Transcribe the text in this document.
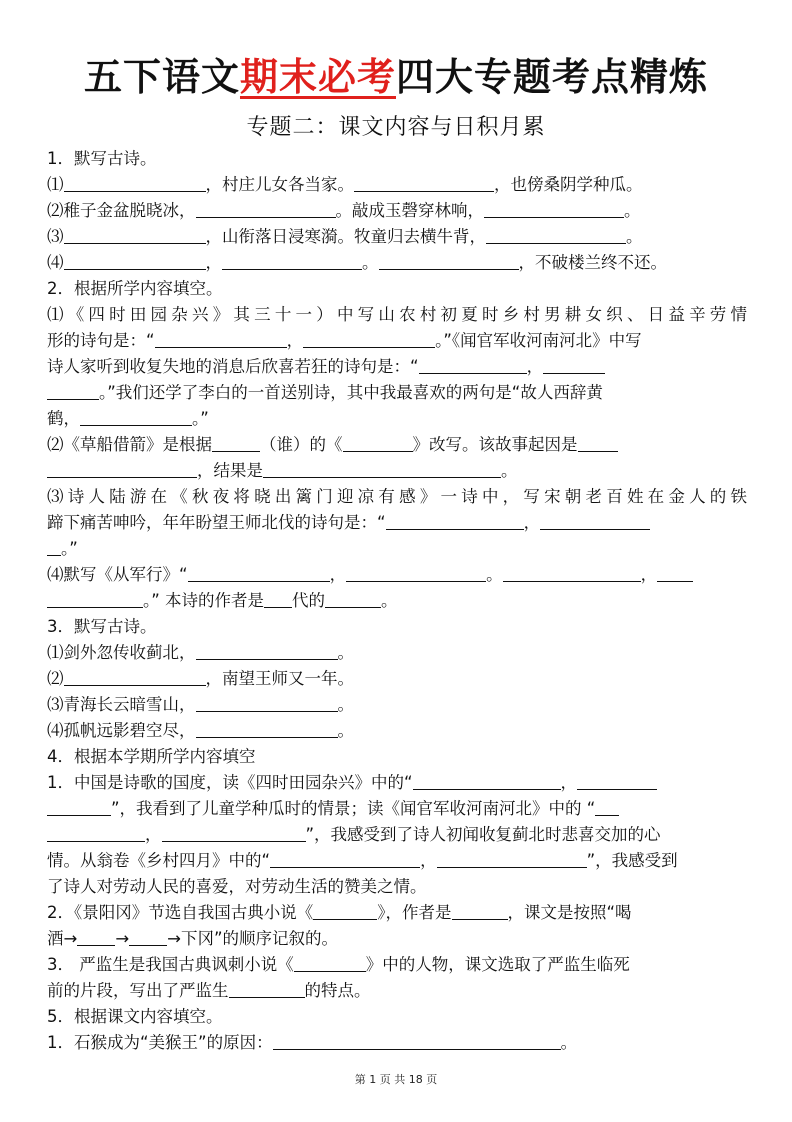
五下语文期末必考四大专题考点精炼
专题二：课文内容与日积月累
1．默写古诗。
⑴	，村庄儿女各当家。	，也傍桑阴学种瓜。
⑵稚子金盆脱晓冰，	。敲成玉磬穿林响，	。
⑶	，山衔落日浸寒漪。牧童归去横牛背，	。
⑷	，	。	，不破楼兰终不还。
2．根据所学内容填空。
⑴《四时田园杂兴》其三十一）中写山农村初夏时乡村男耕女织、日益辛劳情
形的诗句是：“	，	。”《闻官军收河南河北》中写
诗人家听到收复失地的消息后欣喜若狂的诗句是：“	，
。”我们还学了李白的一首送别诗，其中我最喜欢的两句是“故人西辞黄
鹤，	。”
⑵《草船借箭》是根据	（谁）的《	》改写。该故事起因是
，结果是	。
⑶诗人陆游在《秋夜将晓出篱门迎凉有感》一诗中，写宋朝老百姓在金人的铁
蹄下痛苦呻吟，年年盼望王师北伐的诗句是：“	，
。”
⑷默写《从军行》“	，	。	，
。” 本诗的作者是 代的	。
3．默写古诗。
⑴剑外忽传收蓟北，	。
⑵	，南望王师又一年。
⑶青海长云暗雪山，	。
⑷孤帆远影碧空尽，	。
4．根据本学期所学内容填空
1．中国是诗歌的国度，读《四时田园杂兴》中的“	，
”，我看到了儿童学种瓜时的情景；读《闻官军收河南河北》中的 “
，	”，我感受到了诗人初闻收复蓟北时悲喜交加的心
情。从翁卷《乡村四月》中的“	，	”，我感受到
了诗人对劳动人民的喜爱，对劳动生活的赞美之情。
2．《景阳冈》节选自我国古典小说《	》，作者是	，课文是按照“喝
酒→ → →下冈”的顺序记叙的。
3． 严监生是我国古典讽刺小说《	》中的人物，课文选取了严监生临死
前的片段，写出了严监生	的特点。
5．根据课文内容填空。
1．石猴成为“美猴王”的原因：	。
第 1 页 共 18 页
